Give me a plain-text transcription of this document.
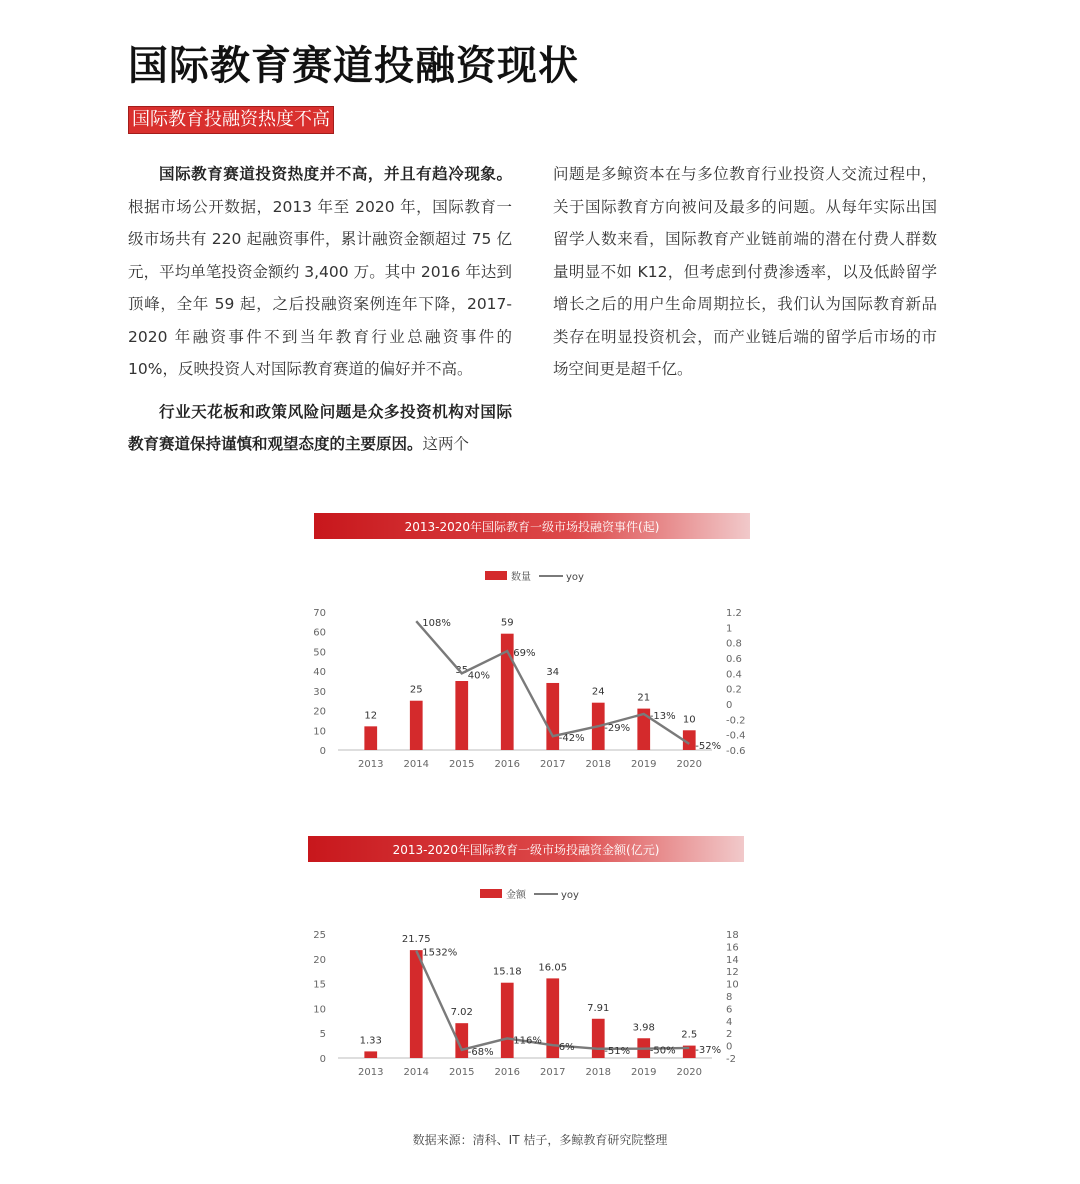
国际教育赛道投融资现状
国际教育投融资热度不高

国际教育赛道投资热度并不高，并且有趋冷现象。根据市场公开数据，2013 年至 2020 年，国际教育一级市场共有 220 起融资事件，累计融资金额超过 75 亿元，平均单笔投资金额约 3,400 万。其中 2016 年达到顶峰，全年 59 起，之后投融资案例连年下降，2017-2020 年融资事件不到当年教育行业总融资事件的 10%，反映投资人对国际教育赛道的偏好并不高。

行业天花板和政策风险问题是众多投资机构对国际教育赛道保持谨慎和观望态度的主要原因。这两个

问题是多鲸资本在与多位教育行业投资人交流过程中，关于国际教育方向被问及最多的问题。从每年实际出国留学人数来看，国际教育产业链前端的潜在付费人群数量明显不如 K12，但考虑到付费渗透率，以及低龄留学增长之后的用户生命周期拉长，我们认为国际教育新品类存在明显投资机会，而产业链后端的留学后市场的市场空间更是超千亿。

2013-2020年国际教育一级市场投融资事件(起)
数量	yoy
0
10
20
30
40
50
60
70	1.2
1
0.8
0.6
0.4
0.2
0
-0.2
-0.4
-0.6
12
2013
25
2014
35
2015
59
2016
34
2017
24
2018
21
2019
10
2020
108%
40%
69%
-42%
-29%
-13%
-52%
2013-2020年国际教育一级市场投融资金额(亿元)
金额	yoy
0
5
10
15
20
25	18
16
14
12
10
8
6
4
2
0
-2
1.33
2013
21.75
2014
7.02
2015
15.18
2016
16.05
2017
7.91
2018
3.98
2019
2.5
2020
1532%
-68%
116%
6%	-51% -50% -37%
数据来源：清科、IT 桔子，多鲸教育研究院整理
